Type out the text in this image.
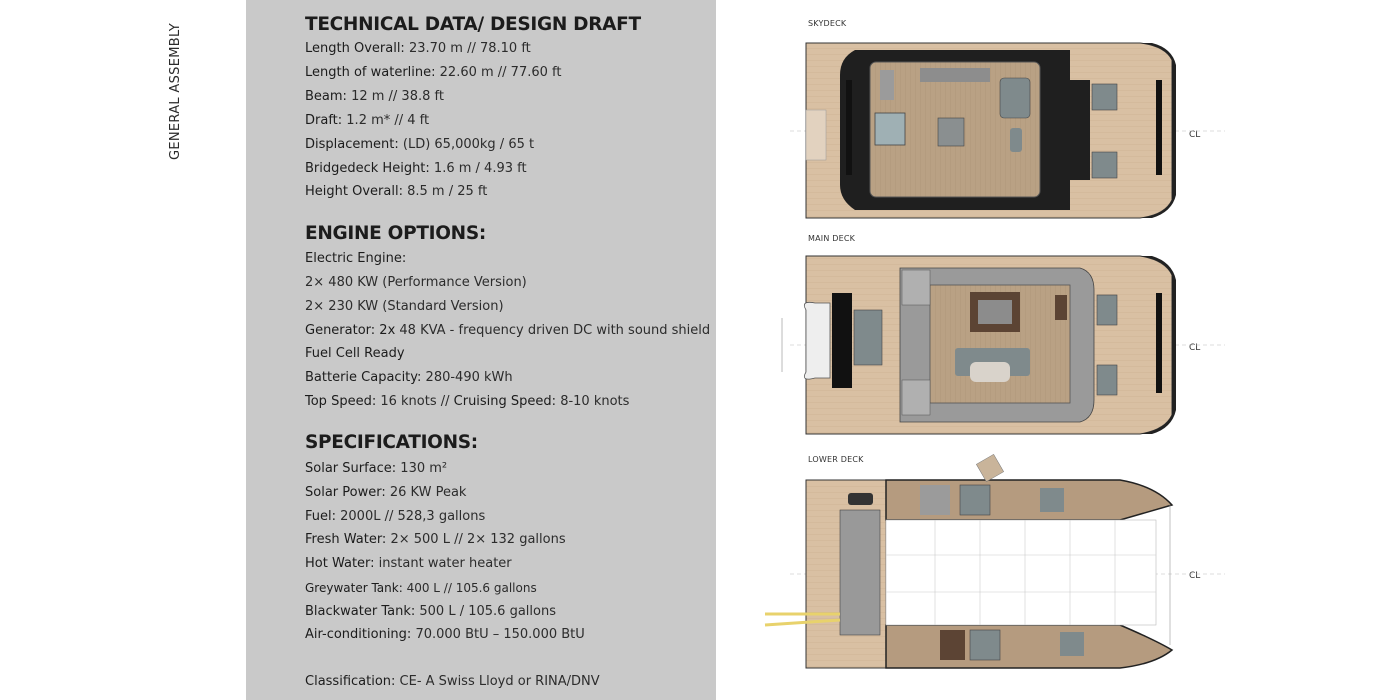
GENERAL ASSEMBLY	TECHNICAL DATA/ DESIGN DRAFT
Length Overall: 23.70 m // 78.10 ft
Length of waterline: 22.60 m // 77.60 ft
Beam: 12 m // 38.8 ft
Draft: 1.2 m* // 4 ft
Displacement: (LD) 65,000kg / 65 t
Bridgedeck Height: 1.6 m / 4.93 ft
Height Overall: 8.5 m / 25 ft
ENGINE OPTIONS:
Electric Engine:
2× 480 KW (Performance Version)
2× 230 KW (Standard Version)
Generator: 2x 48 KVA - frequency driven DC with sound shield
Fuel Cell Ready
Batterie Capacity: 280-490 kWh
Top Speed: 16 knots // Cruising Speed: 8-10 knots
SPECIFICATIONS:
Solar Surface: 130 m²
Solar Power: 26 KW Peak
Fuel: 2000L // 528,3 gallons
Fresh Water: 2× 500 L // 2× 132 gallons
Hot Water: instant water heater
Greywater Tank: 400 L // 105.6 gallons
Blackwater Tank: 500 L / 105.6 gallons
Air-conditioning: 70.000 BtU – 150.000 BtU
Classification: CE- A Swiss Lloyd or RINA/DNV
SKYDECK
MAIN DECK
LOWER DECK
CL
CL
CL
